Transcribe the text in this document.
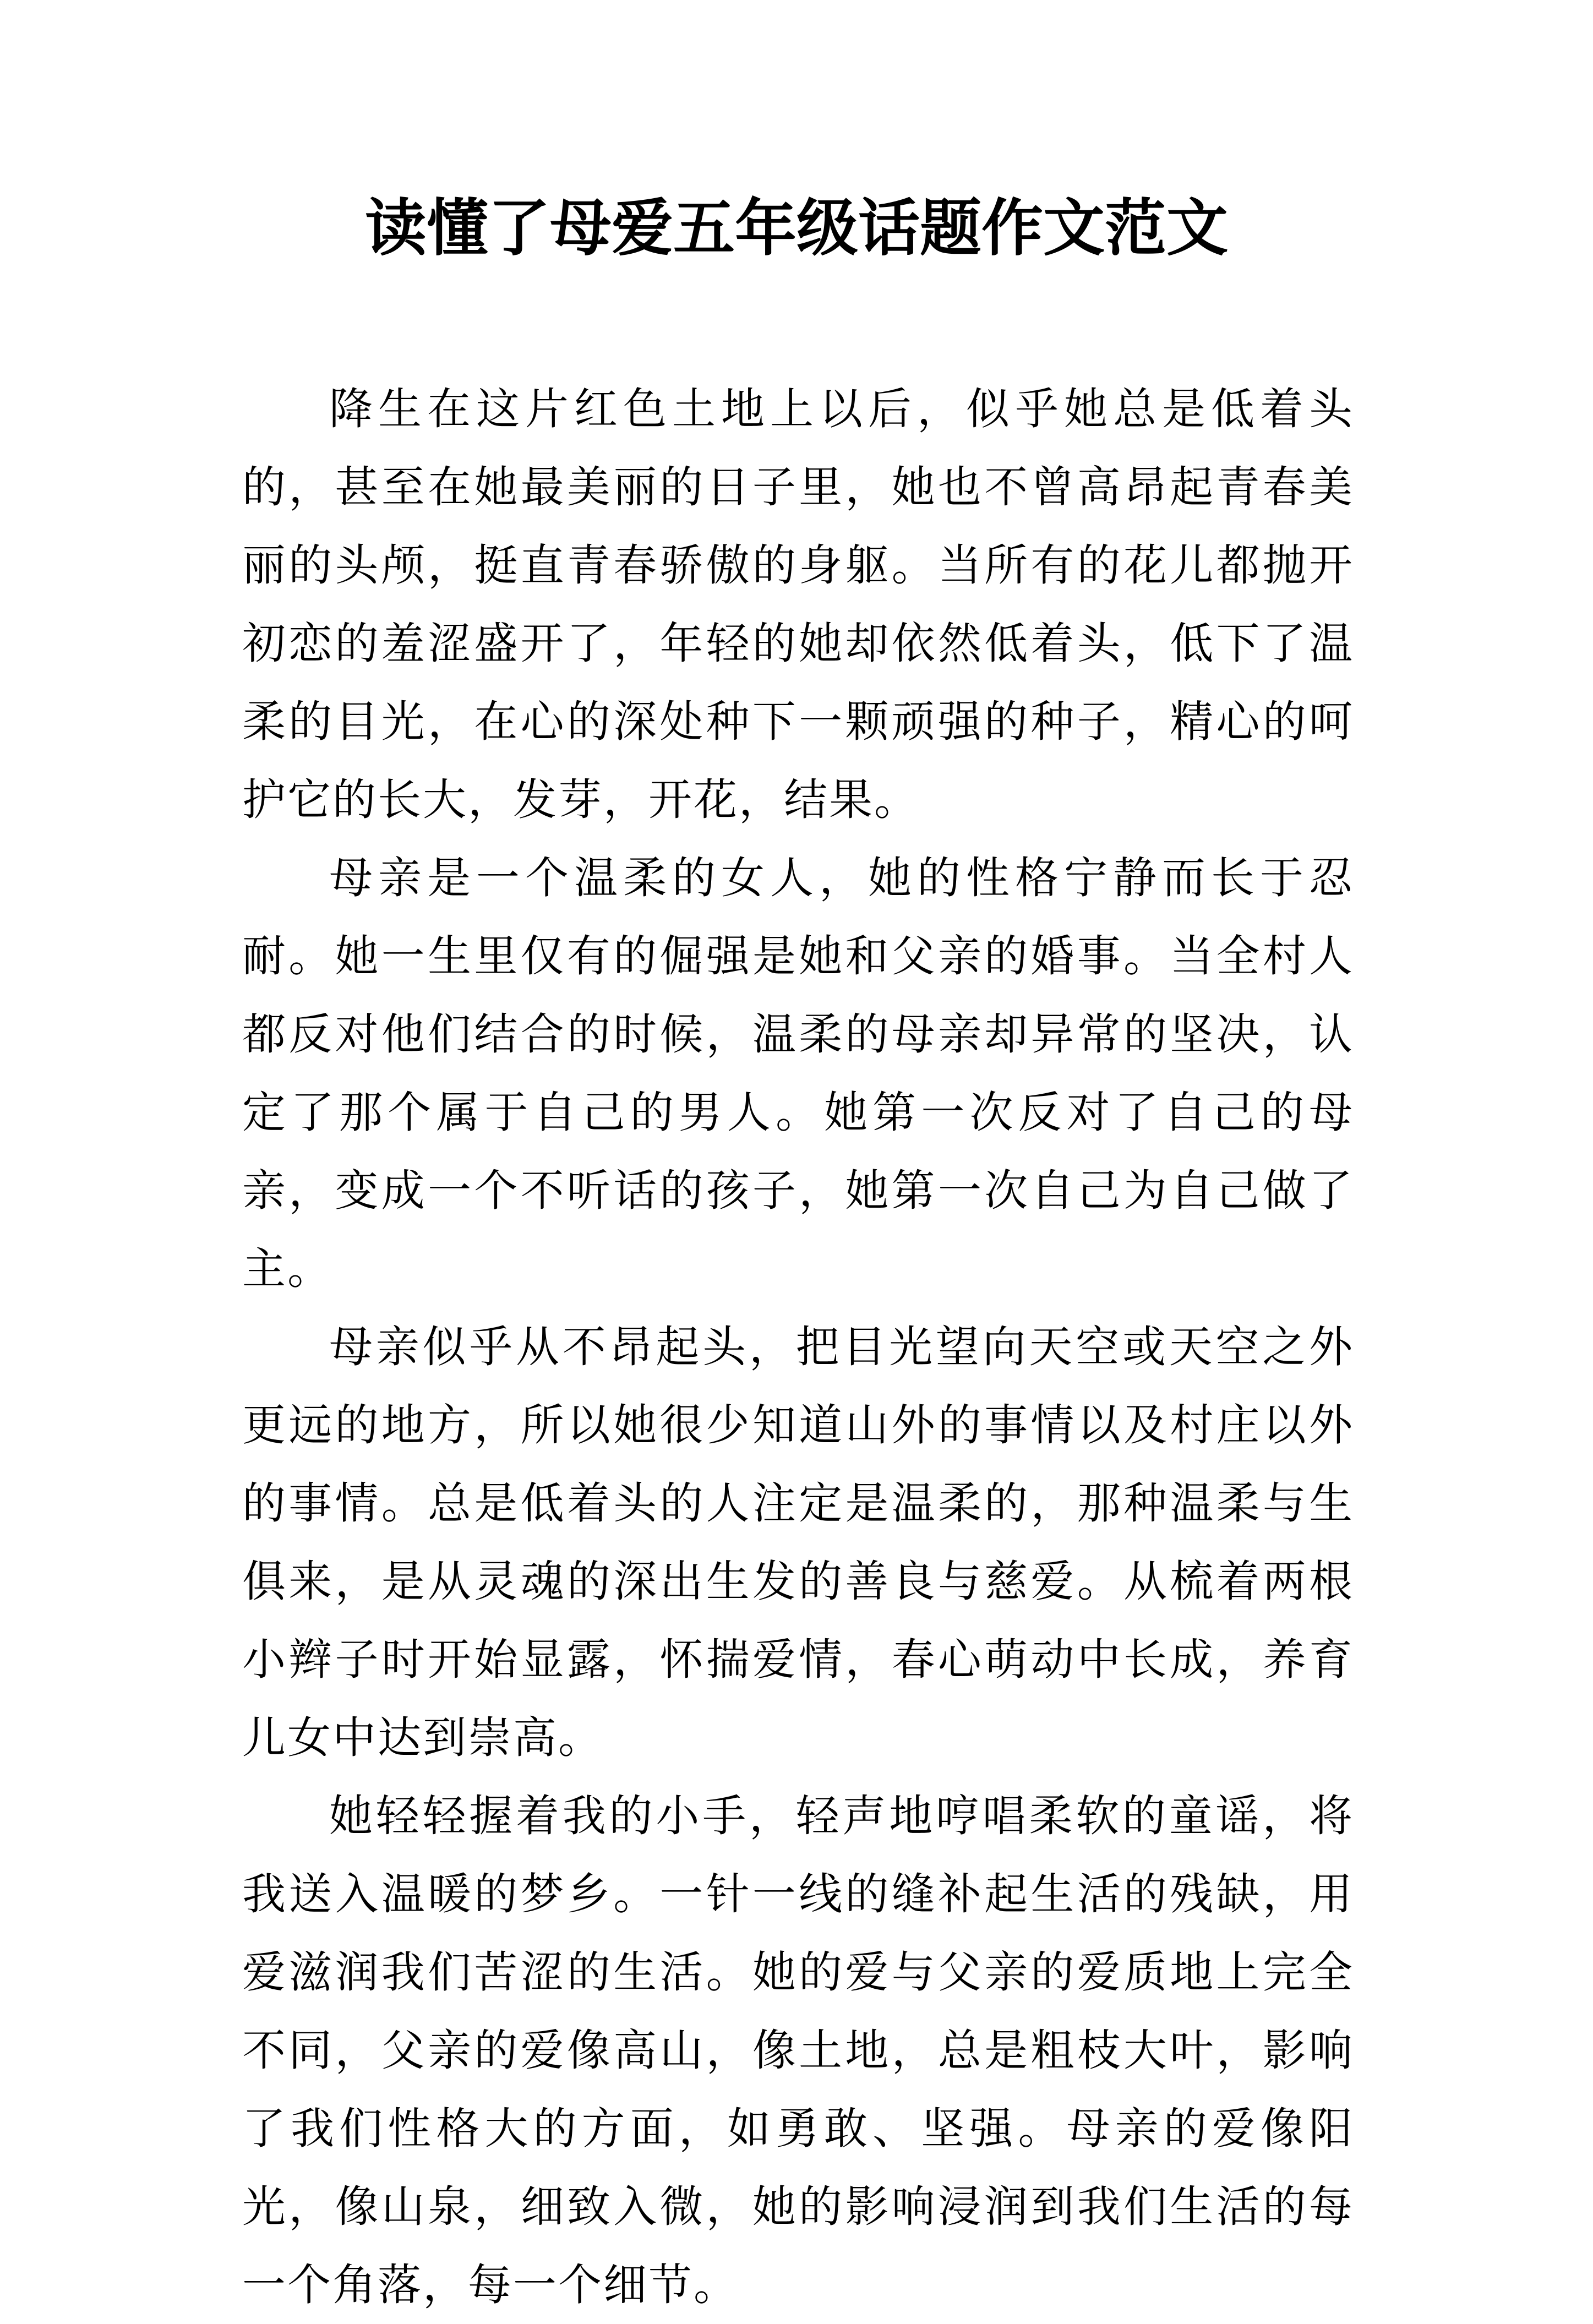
读懂了母爱五年级话题作文范文

降生在这片红色土地上以后，似乎她总是低着头的，甚至在她最美丽的日子里，她也不曾高昂起青春美丽的头颅，挺直青春骄傲的身躯。当所有的花儿都抛开初恋的羞涩盛开了，年轻的她却依然低着头，低下了温柔的目光，在心的深处种下一颗顽强的种子，精心的呵护它的长大，发芽，开花，结果。

母亲是一个温柔的女人，她的性格宁静而长于忍耐。她一生里仅有的倔强是她和父亲的婚事。当全村人都反对他们结合的时候，温柔的母亲却异常的坚决，认定了那个属于自己的男人。她第一次反对了自己的母亲，变成一个不听话的孩子，她第一次自己为自己做了主。

母亲似乎从不昂起头，把目光望向天空或天空之外更远的地方，所以她很少知道山外的事情以及村庄以外的事情。总是低着头的人注定是温柔的，那种温柔与生俱来，是从灵魂的深出生发的善良与慈爱。从梳着两根小辫子时开始显露，怀揣爱情，春心萌动中长成，养育儿女中达到崇高。

她轻轻握着我的小手，轻声地哼唱柔软的童谣，将我送入温暖的梦乡。一针一线的缝补起生活的残缺，用爱滋润我们苦涩的生活。她的爱与父亲的爱质地上完全不同，父亲的爱像高山，像土地，总是粗枝大叶，影响了我们性格大的方面，如勇敢、坚强。母亲的爱像阳光，像山泉，细致入微，她的影响浸润到我们生活的每一个角落，每一个细节。
